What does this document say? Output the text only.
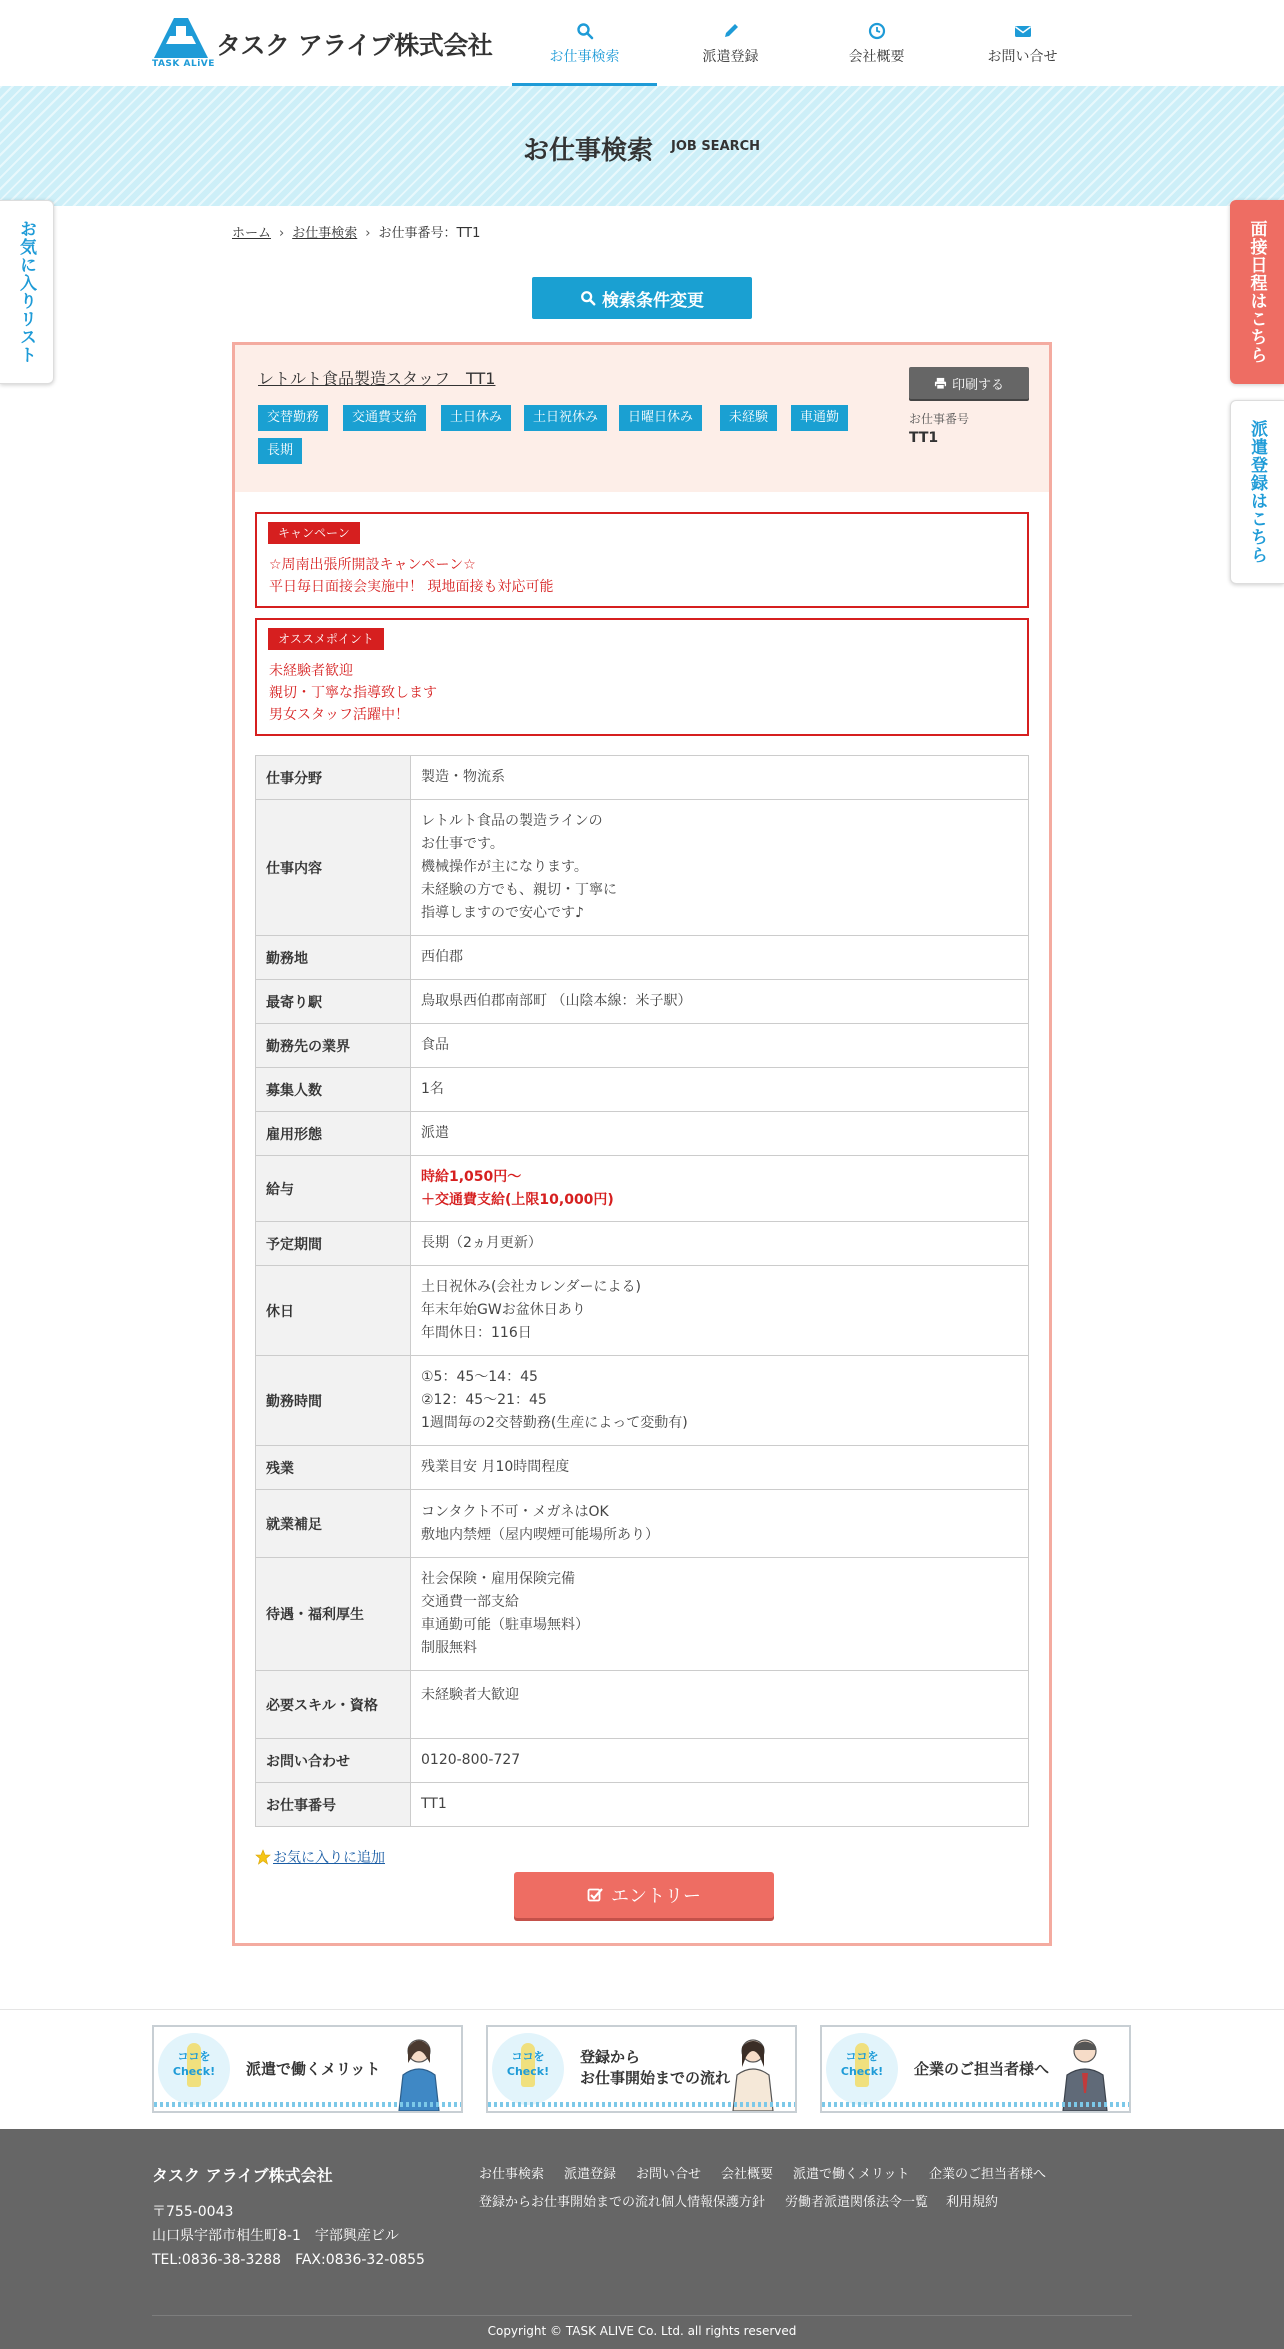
タスク アライブ株式会社
TASK ALiVE	お仕事検索	派遣登録	会社概要	お問い合せ
お仕事検索 JOB SEARCH
お気に入りリスト	面接日程はこちら
派遣登録はこちら
ホーム › お仕事検索 › お仕事番号：TT1
検索条件変更
レトルト食品製造スタッフ　TT1
交替勤務	交通費支給	土日休み	土日祝休み	日曜日休み	未経験	車通勤
長期
印刷する
お仕事番号
TT1
キャンペーン
☆周南出張所開設キャンペーン☆
平日毎日面接会実施中！ 現地面接も対応可能
オススメポイント
未経験者歓迎
親切・丁寧な指導致します
男女スタッフ活躍中！
仕事分野	製造・物流系
仕事内容	レトルト食品の製造ラインの
お仕事です。
機械操作が主になります。
未経験の方でも、親切・丁寧に
指導しますので安心です♪
勤務地	西伯郡
最寄り駅	鳥取県西伯郡南部町 （山陰本線：米子駅）
勤務先の業界	食品
募集人数	1名
雇用形態	派遣
給与	時給1,050円～
＋交通費支給(上限10,000円)
予定期間	長期（2ヵ月更新）
休日	土日祝休み(会社カレンダーによる)
年末年始GWお盆休日あり
年間休日：116日
勤務時間	①5：45～14：45
②12：45～21：45
1週間毎の2交替勤務(生産によって変動有)
残業	残業目安 月10時間程度
就業補足	コンタクト不可・メガネはOK
敷地内禁煙（屋内喫煙可能場所あり）
待遇・福利厚生	社会保険・雇用保険完備
交通費一部支給
車通勤可能（駐車場無料）
制服無料
必要スキル・資格	未経験者大歓迎
お問い合わせ	0120-800-727
お仕事番号	TT1
お気に入りに追加
エントリー
ココを
Check!	派遣で働くメリット
ココを
Check!
登録から
お仕事開始までの流れ
ココを
Check!	企業のご担当者様へ
タスク アライブ株式会社
〒755-0043
山口県宇部市相生町8-1　宇部興産ビル
TEL:0836-38-3288　FAX:0836-32-0855
お仕事検索 派遣登録 お問い合せ 会社概要 派遣で働くメリット 企業のご担当者様へ
登録からお仕事開始までの流れ 個人情報保護方針 労働者派遣関係法令一覧 利用規約
Copyright © TASK ALIVE Co. Ltd. all rights reserved
